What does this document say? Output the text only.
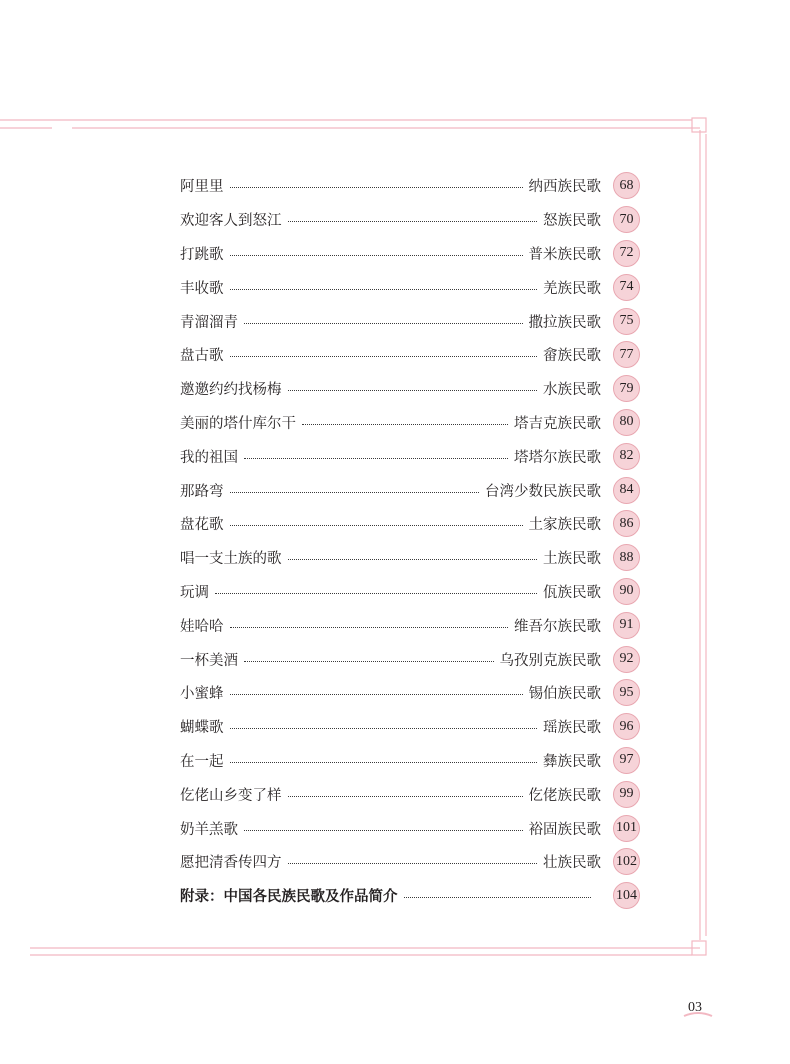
阿里里	纳西族民歌	68
欢迎客人到怒江	怒族民歌	70
打跳歌	普米族民歌	72
丰收歌	羌族民歌	74
青溜溜青	撒拉族民歌	75
盘古歌	畲族民歌	77
邀邀约约找杨梅	水族民歌	79
美丽的塔什库尔干	塔吉克族民歌	80
我的祖国	塔塔尔族民歌	82
那路弯	台湾少数民族民歌	84
盘花歌	土家族民歌	86
唱一支土族的歌	土族民歌	88
玩调	佤族民歌	90
娃哈哈	维吾尔族民歌	91
一杯美酒	乌孜别克族民歌	92
小蜜蜂	锡伯族民歌	95
蝴蝶歌	瑶族民歌	96
在一起	彝族民歌	97
仡佬山乡变了样	仡佬族民歌	99
奶羊羔歌	裕固族民歌 101
愿把清香传四方	壮族民歌 102
附录：中国各民族民歌及作品简介	104
03
